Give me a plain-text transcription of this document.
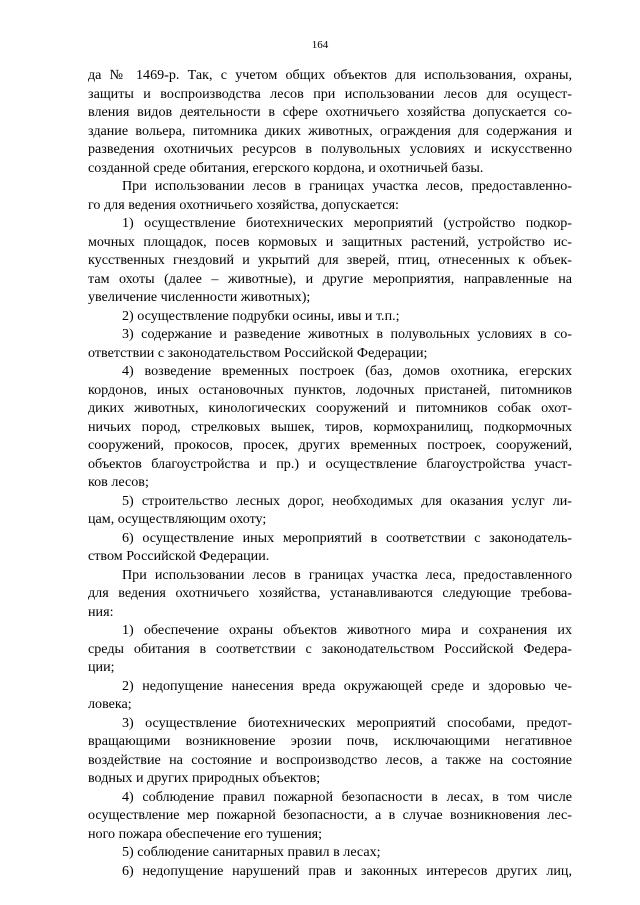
164
да № 1469-р. Так, с учетом общих объектов для использования, охраны,
защиты и воспроизводства лесов при использовании лесов для осущест-
вления видов деятельности в сфере охотничьего хозяйства допускается со-
здание вольера, питомника диких животных, ограждения для содержания и
разведения охотничьих ресурсов в полувольных условиях и искусственно
созданной среде обитания, егерского кордона, и охотничьей базы.
При использовании лесов в границах участка лесов, предоставленно-
го для ведения охотничьего хозяйства, допускается:
1) осуществление биотехнических мероприятий (устройство подкор-
мочных площадок, посев кормовых и защитных растений, устройство ис-
кусственных гнездовий и укрытий для зверей, птиц, отнесенных к объек-
там охоты (далее – животные), и другие мероприятия, направленные на
увеличение численности животных);
2) осуществление подрубки осины, ивы и т.п.;
3) содержание и разведение животных в полувольных условиях в со-
ответствии с законодательством Российской Федерации;
4) возведение временных построек (баз, домов охотника, егерских
кордонов, иных остановочных пунктов, лодочных пристаней, питомников
диких животных, кинологических сооружений и питомников собак охот-
ничьих пород, стрелковых вышек, тиров, кормохранилищ, подкормочных
сооружений, прокосов, просек, других временных построек, сооружений,
объектов благоустройства и пр.) и осуществление благоустройства участ-
ков лесов;
5) строительство лесных дорог, необходимых для оказания услуг ли-
цам, осуществляющим охоту;
6) осуществление иных мероприятий в соответствии с законодатель-
ством Российской Федерации.
При использовании лесов в границах участка леса, предоставленного
для ведения охотничьего хозяйства, устанавливаются следующие требова-
ния:
1) обеспечение охраны объектов животного мира и сохранения их
среды обитания в соответствии с законодательством Российской Федера-
ции;
2) недопущение нанесения вреда окружающей среде и здоровью че-
ловека;
3) осуществление биотехнических мероприятий способами, предот-
вращающими возникновение эрозии почв, исключающими негативное
воздействие на состояние и воспроизводство лесов, а также на состояние
водных и других природных объектов;
4) соблюдение правил пожарной безопасности в лесах, в том числе
осуществление мер пожарной безопасности, а в случае возникновения лес-
ного пожара обеспечение его тушения;
5) соблюдение санитарных правил в лесах;
6) недопущение нарушений прав и законных интересов других лиц,
